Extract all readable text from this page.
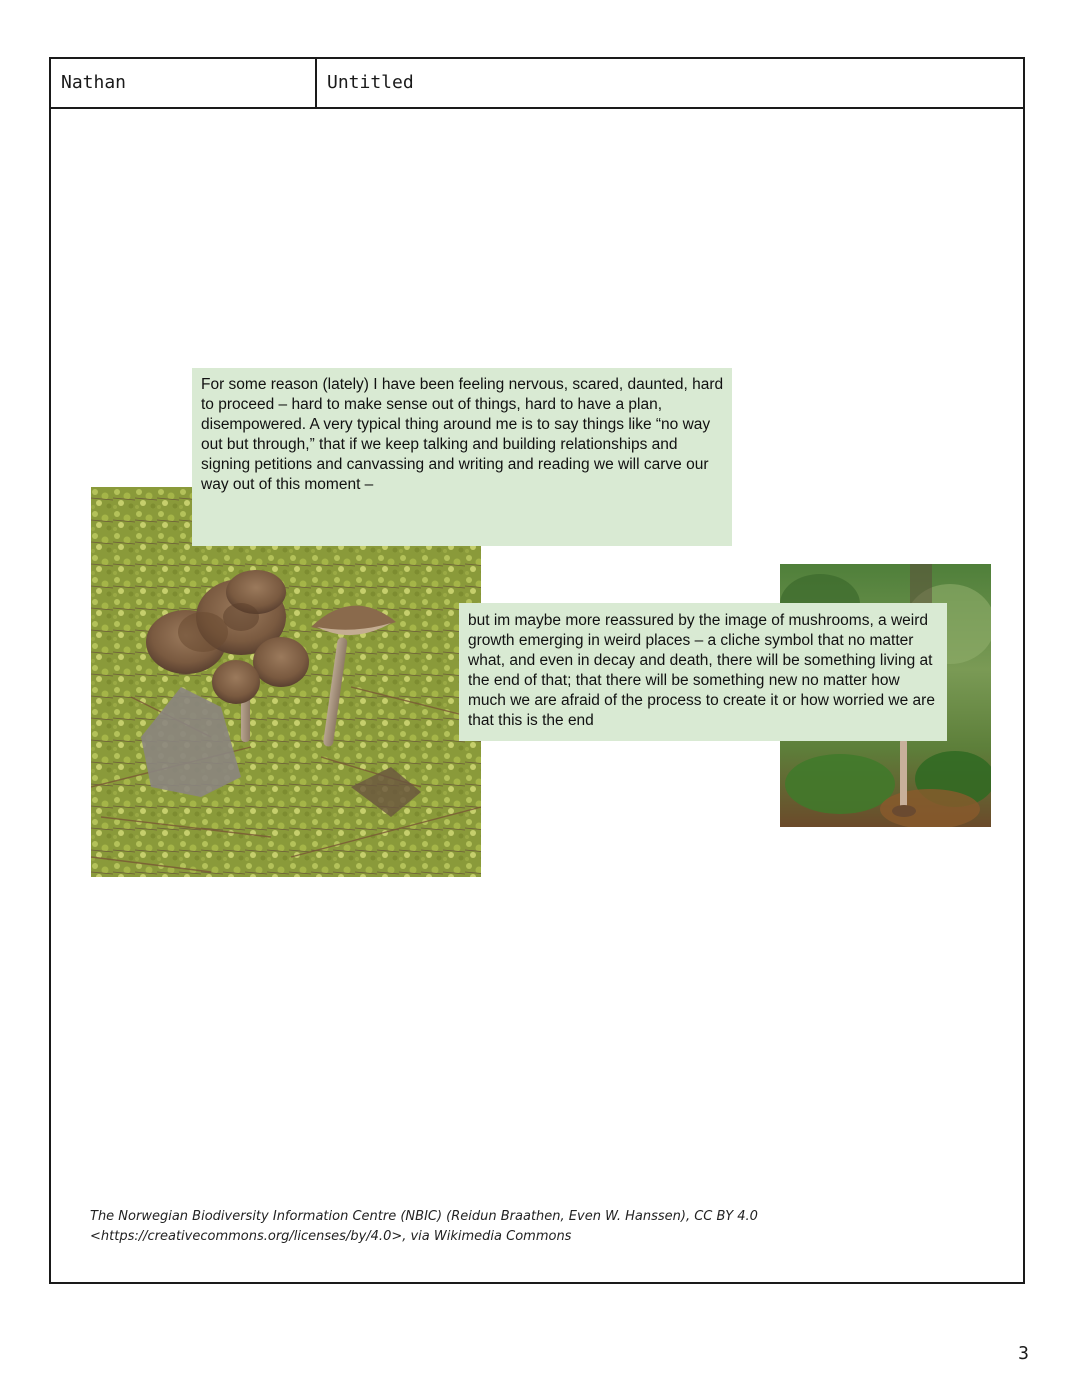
Nathan	Untitled
For some reason (lately) I have been feeling nervous, scared, daunted, hard to proceed – hard to make sense out of things, hard to have a plan, disempowered. A very typical thing around me is to say things like “no way out but through,” that if we keep talking and building relationships and signing petitions and canvassing and writing and reading we will carve our way out of this moment –
but im maybe more reassured by the image of mushrooms, a weird growth emerging in weird places – a cliche symbol that no matter what, and even in decay and death, there will be something living at the end of that; that there will be something new no matter how much we are afraid of the process to create it or how worried we are that this is the end
The Norwegian Biodiversity Information Centre (NBIC) (Reidun Braathen, Even W. Hanssen), CC BY 4.0
<https://creativecommons.org/licenses/by/4.0>, via Wikimedia Commons
3
